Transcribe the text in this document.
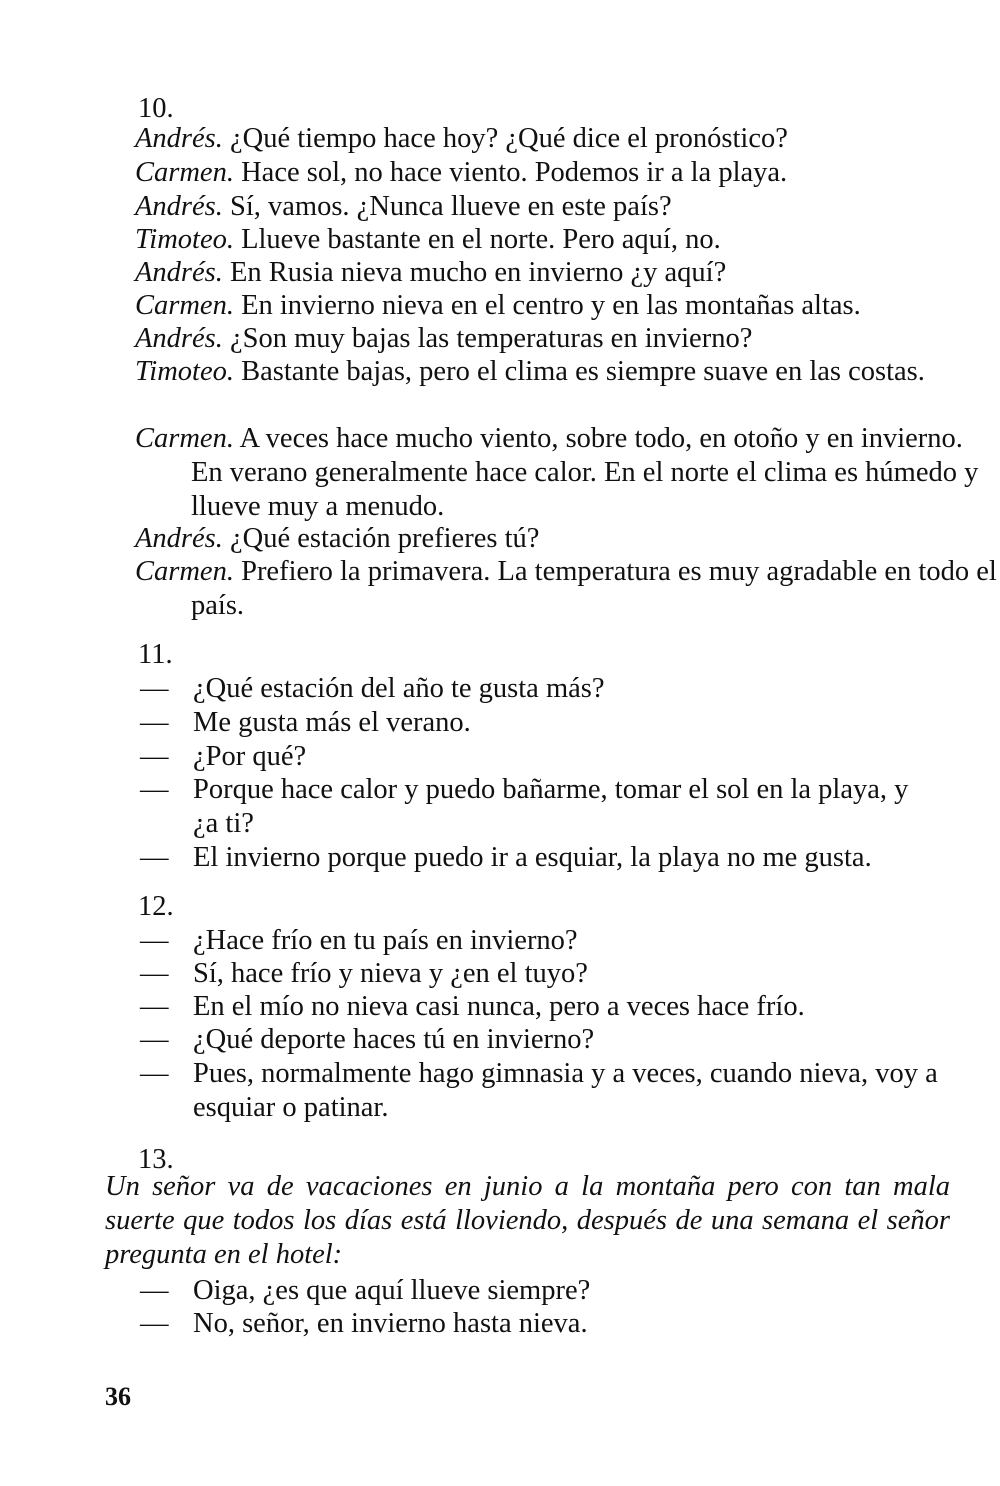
10.
Andrés. ¿Qué tiempo hace hoy? ¿Qué dice el pronóstico?
Carmen. Hace sol, no hace viento. Podemos ir a la playa.
Andrés. Sí, vamos. ¿Nunca llueve en este país?
Timoteo. Llueve bastante en el norte. Pero aquí, no.
Andrés. En Rusia nieva mucho en invierno ¿y aquí?
Carmen. En invierno nieva en el centro y en las montañas altas.
Andrés. ¿Son muy bajas las temperaturas en invierno?
Timoteo. Bastante bajas, pero el clima es siempre suave en las costas.
Carmen. A veces hace mucho viento, sobre todo, en otoño y en invierno. En verano generalmente hace calor. En el norte el clima es húmedo y llueve muy a menudo.
Andrés. ¿Qué estación prefieres tú?
Carmen. Prefiero la primavera. La temperatura es muy agradable en todo el país.
11.
— ¿Qué estación del año te gusta más?
— Me gusta más el verano.
— ¿Por qué?
— Porque hace calor y puedo bañarme, tomar el sol en la playa, y ¿a ti?
— El invierno porque puedo ir a esquiar, la playa no me gusta.
12.
— ¿Hace frío en tu país en invierno?
— Sí, hace frío y nieva y ¿en el tuyo?
— En el mío no nieva casi nunca, pero a veces hace frío.
— ¿Qué deporte haces tú en invierno?
— Pues, normalmente hago gimnasia y a veces, cuando nieva, voy a esquiar o patinar.
13.
Un señor va de vacaciones en junio a la montaña pero con tan mala suerte que todos los días está lloviendo, después de una semana el señor pregunta en el hotel:
— Oiga, ¿es que aquí llueve siempre?
— No, señor, en invierno hasta nieva.
36
